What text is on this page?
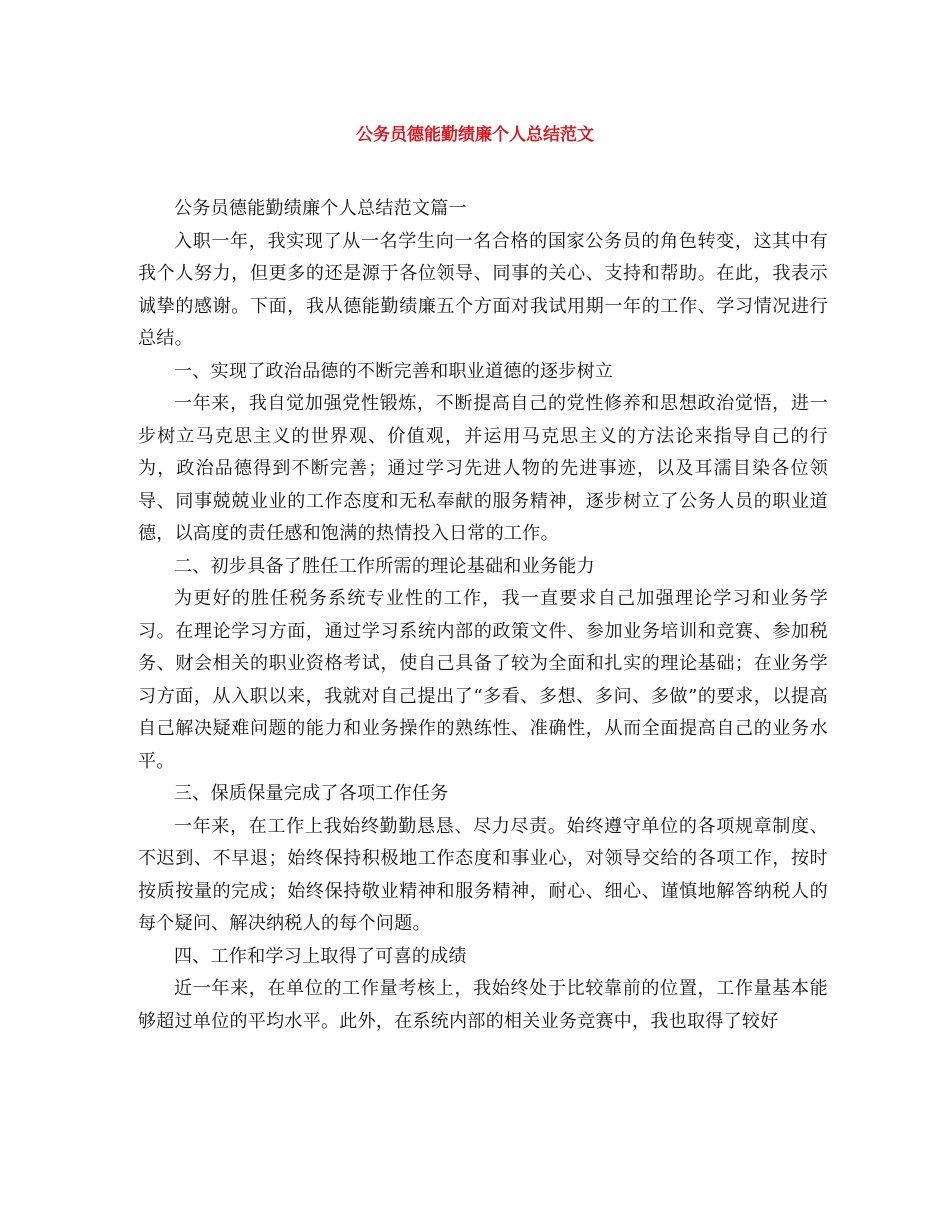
公务员德能勤绩廉个人总结范文

公务员德能勤绩廉个人总结范文篇一

入职一年，我实现了从一名学生向一名合格的国家公务员的角色转变，这其中有我个人努力，但更多的还是源于各位领导、同事的关心、支持和帮助。在此，我表示诚挚的感谢。下面，我从德能勤绩廉五个方面对我试用期一年的工作、学习情况进行总结。

一、实现了政治品德的不断完善和职业道德的逐步树立

一年来，我自觉加强党性锻炼，不断提高自己的党性修养和思想政治觉悟，进一步树立马克思主义的世界观、价值观，并运用马克思主义的方法论来指导自己的行为，政治品德得到不断完善；通过学习先进人物的先进事迹，以及耳濡目染各位领导、同事兢兢业业的工作态度和无私奉献的服务精神，逐步树立了公务人员的职业道德，以高度的责任感和饱满的热情投入日常的工作。

二、初步具备了胜任工作所需的理论基础和业务能力

为更好的胜任税务系统专业性的工作，我一直要求自己加强理论学习和业务学习。在理论学习方面，通过学习系统内部的政策文件、参加业务培训和竞赛、参加税务、财会相关的职业资格考试，使自己具备了较为全面和扎实的理论基础；在业务学习方面，从入职以来，我就对自己提出了“多看、多想、多问、多做”的要求，以提高自己解决疑难问题的能力和业务操作的熟练性、准确性，从而全面提高自己的业务水平。

三、保质保量完成了各项工作任务

一年来，在工作上我始终勤勤恳恳、尽力尽责。始终遵守单位的各项规章制度、不迟到、不早退；始终保持积极地工作态度和事业心，对领导交给的各项工作，按时按质按量的完成；始终保持敬业精神和服务精神，耐心、细心、谨慎地解答纳税人的每个疑问、解决纳税人的每个问题。

四、工作和学习上取得了可喜的成绩

近一年来，在单位的工作量考核上，我始终处于比较靠前的位置，工作量基本能够超过单位的平均水平。此外，在系统内部的相关业务竞赛中，我也取得了较好
